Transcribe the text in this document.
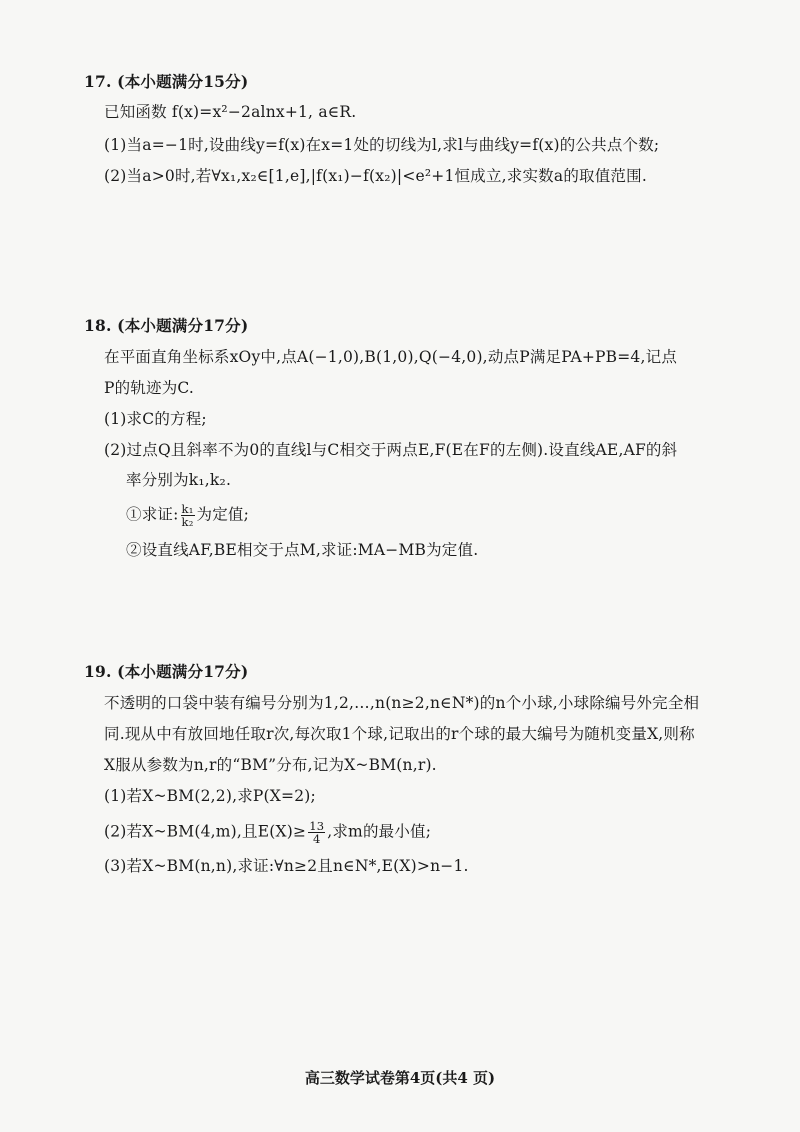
17. (本小题满分15分)
已知函数 f(x)=x²−2alnx+1, a∈R.
(1)当a=−1时,设曲线y=f(x)在x=1处的切线为l,求l与曲线y=f(x)的公共点个数;
(2)当a>0时,若∀x₁,x₂∈[1,e],|f(x₁)−f(x₂)|<e²+1恒成立,求实数a的取值范围.
18. (本小题满分17分)
在平面直角坐标系xOy中,点A(−1,0),B(1,0),Q(−4,0),动点P满足PA+PB=4,记点
P的轨迹为C.
(1)求C的方程;
(2)过点Q且斜率不为0的直线l与C相交于两点E,F(E在F的左侧).设直线AE,AF的斜
率分别为k₁,k₂.
①求证: $\frac{\text{k₁}}{\text{k₂}}$ 为定值;
②设直线AF,BE相交于点M,求证:MA−MB为定值.
19. (本小题满分17分)
不透明的口袋中装有编号分别为1,2,…,n(n≥2,n∈N*)的n个小球,小球除编号外完全相
同.现从中有放回地任取r次,每次取1个球,记取出的r个球的最大编号为随机变量X,则称
X服从参数为n,r的“BM”分布,记为X~BM(n,r).
(1)若X~BM(2,2),求P(X=2);
(2)若X~BM(4,m),且$E(X)\ge \frac{13}{4}$ ,求m的最小值;
(3)若X~BM(n,n),求证:∀n≥2且n∈N*,E(X)>n−1.
高三数学试卷第4页(共4 页)
